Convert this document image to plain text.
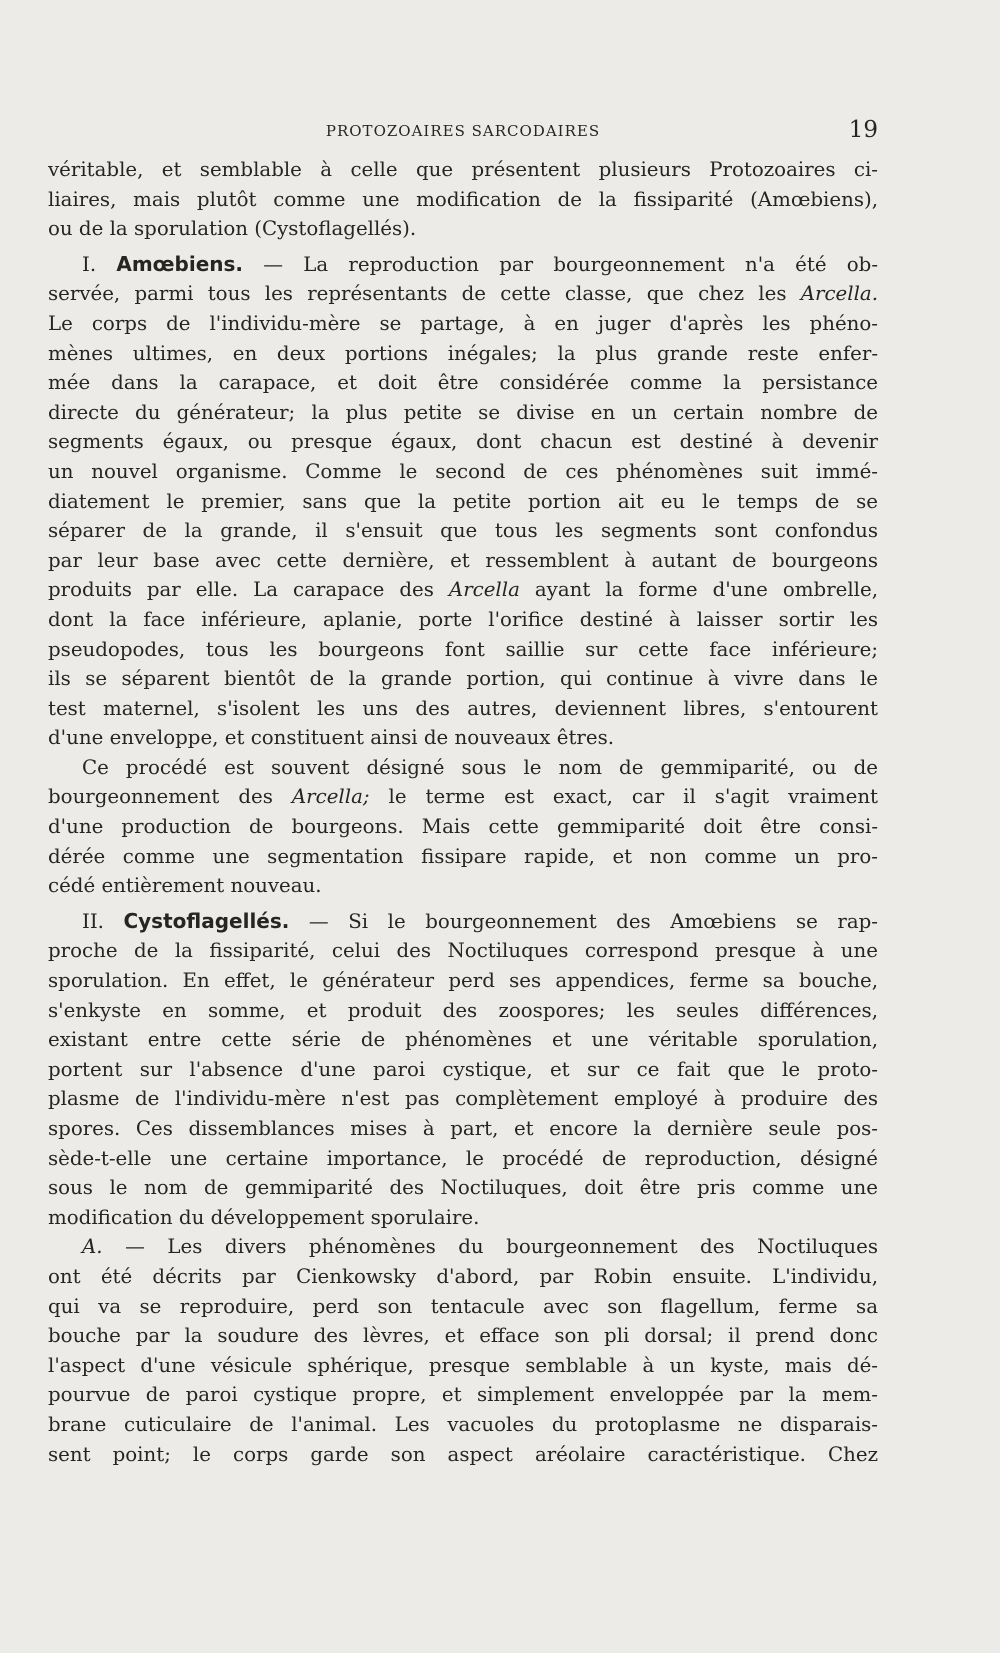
PROTOZOAIRES SARCODAIRES	19
véritable, et semblable à celle que présentent plusieurs Protozoaires ci-
liaires, mais plutôt comme une modification de la fissiparité (Amœbiens),
ou de la sporulation (Cystoflagellés).
I. Amœbiens. — La reproduction par bourgeonnement n'a été ob-
servée, parmi tous les représentants de cette classe, que chez les Arcella.
Le corps de l'individu-mère se partage, à en juger d'après les phéno-
mènes ultimes, en deux portions inégales; la plus grande reste enfer-
mée dans la carapace, et doit être considérée comme la persistance
directe du générateur; la plus petite se divise en un certain nombre de
segments égaux, ou presque égaux, dont chacun est destiné à devenir
un nouvel organisme. Comme le second de ces phénomènes suit immé-
diatement le premier, sans que la petite portion ait eu le temps de se
séparer de la grande, il s'ensuit que tous les segments sont confondus
par leur base avec cette dernière, et ressemblent à autant de bourgeons
produits par elle. La carapace des Arcella ayant la forme d'une ombrelle,
dont la face inférieure, aplanie, porte l'orifice destiné à laisser sortir les
pseudopodes, tous les bourgeons font saillie sur cette face inférieure;
ils se séparent bientôt de la grande portion, qui continue à vivre dans le
test maternel, s'isolent les uns des autres, deviennent libres, s'entourent
d'une enveloppe, et constituent ainsi de nouveaux êtres.
Ce procédé est souvent désigné sous le nom de gemmiparité, ou de
bourgeonnement des Arcella; le terme est exact, car il s'agit vraiment
d'une production de bourgeons. Mais cette gemmiparité doit être consi-
dérée comme une segmentation fissipare rapide, et non comme un pro-
cédé entièrement nouveau.
II. Cystoflagellés. — Si le bourgeonnement des Amœbiens se rap-
proche de la fissiparité, celui des Noctiluques correspond presque à une
sporulation. En effet, le générateur perd ses appendices, ferme sa bouche,
s'enkyste en somme, et produit des zoospores; les seules différences,
existant entre cette série de phénomènes et une véritable sporulation,
portent sur l'absence d'une paroi cystique, et sur ce fait que le proto-
plasme de l'individu-mère n'est pas complètement employé à produire des
spores. Ces dissemblances mises à part, et encore la dernière seule pos-
sède-t-elle une certaine importance, le procédé de reproduction, désigné
sous le nom de gemmiparité des Noctiluques, doit être pris comme une
modification du développement sporulaire.
A. — Les divers phénomènes du bourgeonnement des Noctiluques
ont été décrits par Cienkowsky d'abord, par Robin ensuite. L'individu,
qui va se reproduire, perd son tentacule avec son flagellum, ferme sa
bouche par la soudure des lèvres, et efface son pli dorsal; il prend donc
l'aspect d'une vésicule sphérique, presque semblable à un kyste, mais dé-
pourvue de paroi cystique propre, et simplement enveloppée par la mem-
brane cuticulaire de l'animal. Les vacuoles du protoplasme ne disparais-
sent point; le corps garde son aspect aréolaire caractéristique. Chez
